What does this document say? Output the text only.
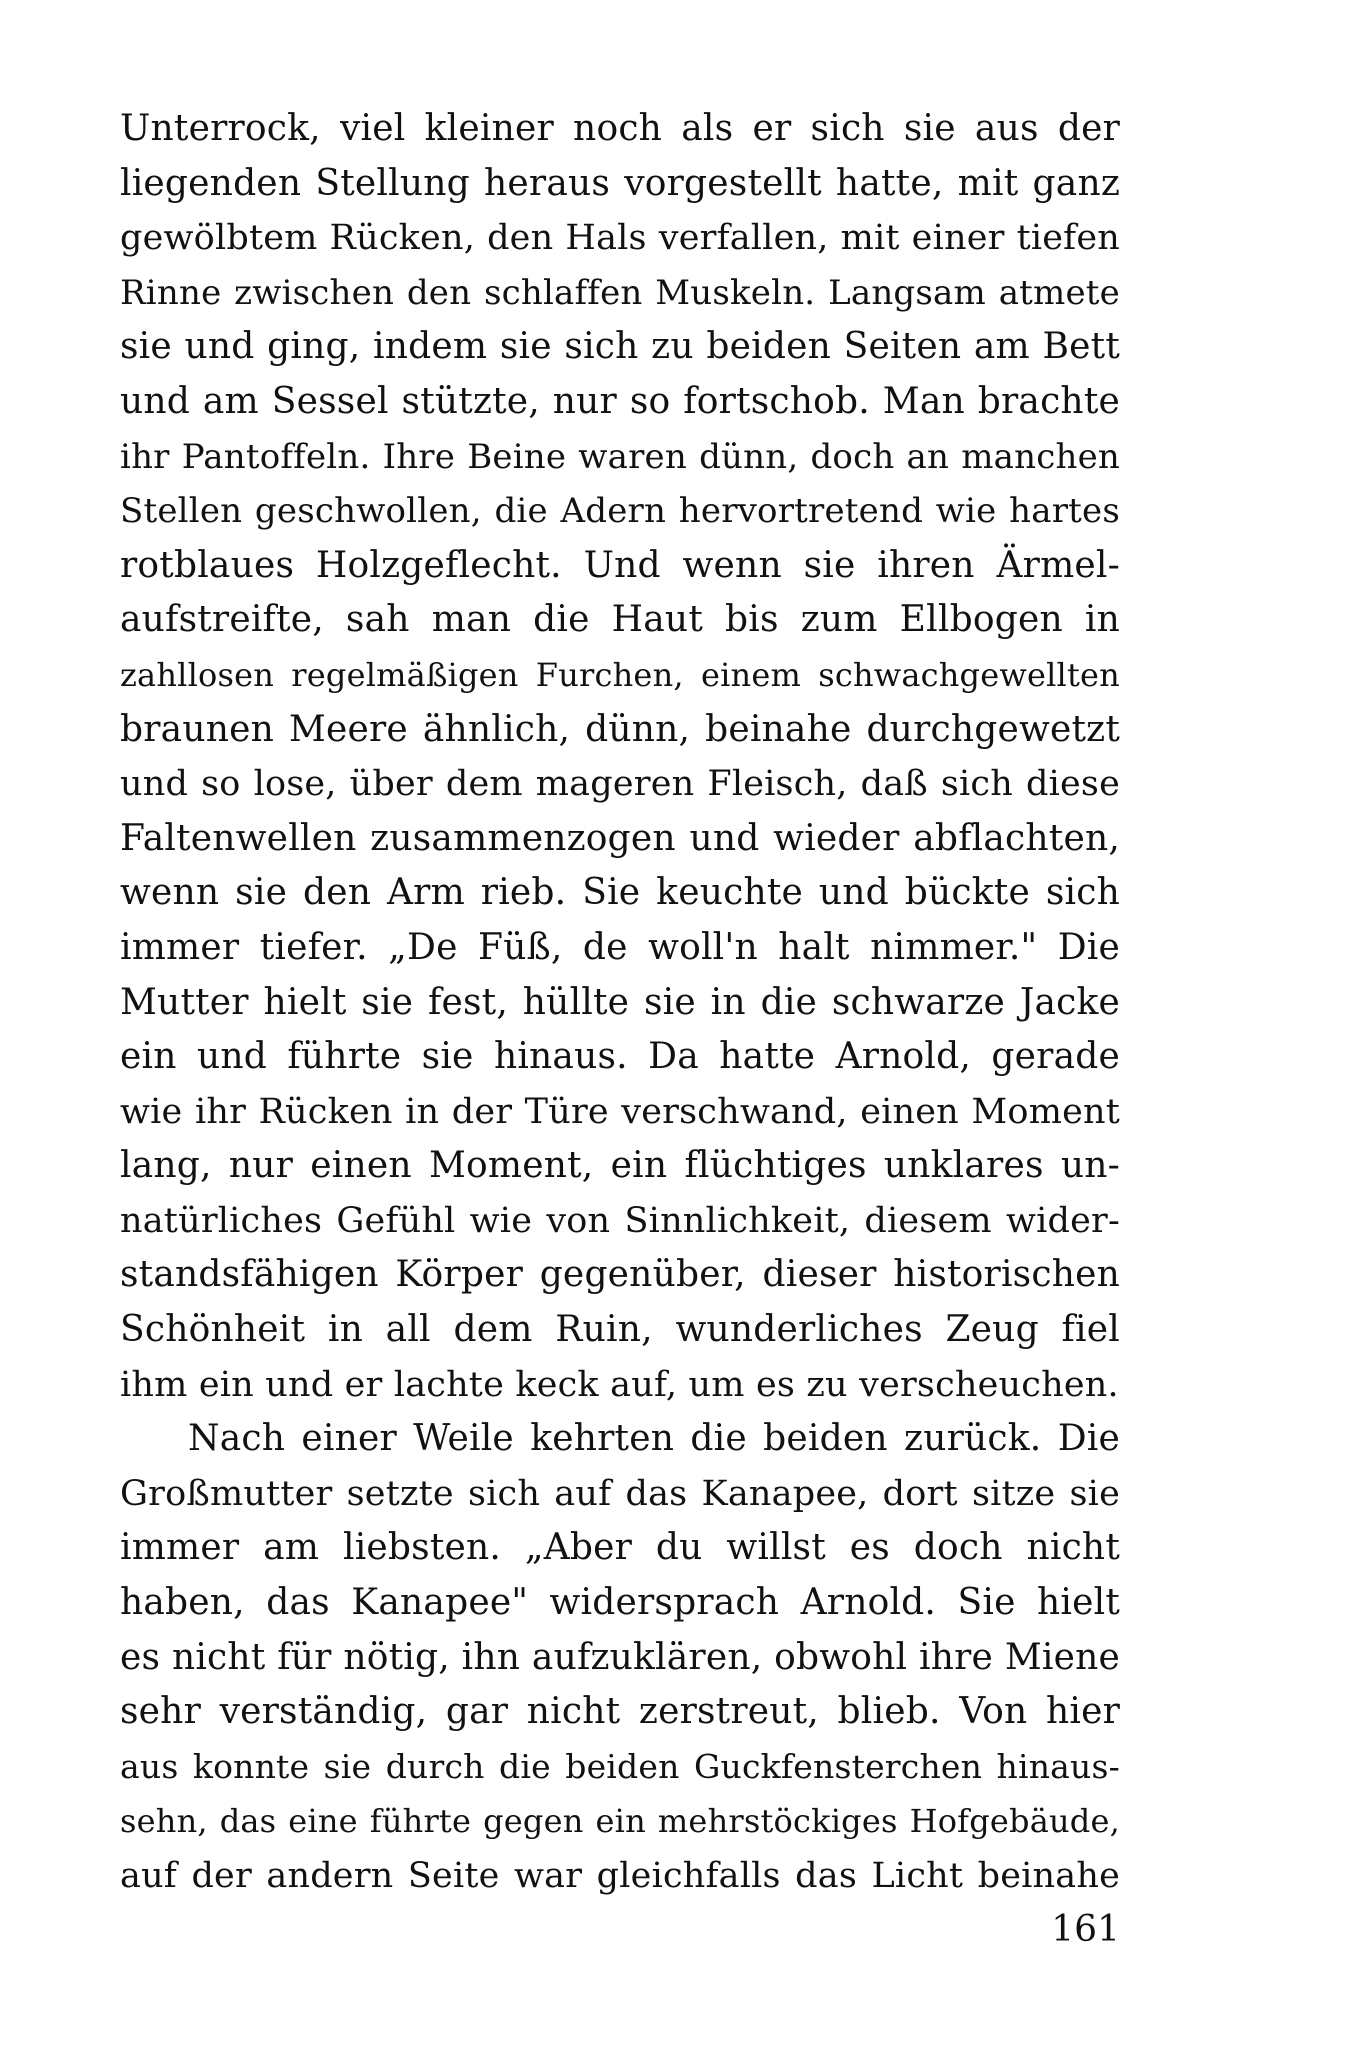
Unterrock, viel kleiner noch als er sich sie aus der
liegenden Stellung heraus vorgestellt hatte, mit ganz
gewölbtem Rücken, den Hals verfallen, mit einer tiefen
Rinne zwischen den schlaffen Muskeln. Langsam atmete
sie und ging, indem sie sich zu beiden Seiten am Bett
und am Sessel stützte, nur so fortschob. Man brachte
ihr Pantoffeln. Ihre Beine waren dünn, doch an manchen
Stellen geschwollen, die Adern hervortretend wie hartes
rotblaues Holzgeflecht. Und wenn sie ihren Ärmel-
aufstreifte, sah man die Haut bis zum Ellbogen in
zahllosen regelmäßigen Furchen, einem schwachgewellten
braunen Meere ähnlich, dünn, beinahe durchgewetzt
und so lose, über dem mageren Fleisch, daß sich diese
Faltenwellen zusammenzogen und wieder abflachten,
wenn sie den Arm rieb. Sie keuchte und bückte sich
immer tiefer. „De Füß, de woll'n halt nimmer." Die
Mutter hielt sie fest, hüllte sie in die schwarze Jacke
ein und führte sie hinaus. Da hatte Arnold, gerade
wie ihr Rücken in der Türe verschwand, einen Moment
lang, nur einen Moment, ein flüchtiges unklares un-
natürliches Gefühl wie von Sinnlichkeit, diesem wider-
standsfähigen Körper gegenüber, dieser historischen
Schönheit in all dem Ruin, wunderliches Zeug fiel
ihm ein und er lachte keck auf, um es zu verscheuchen.
Nach einer Weile kehrten die beiden zurück. Die
Großmutter setzte sich auf das Kanapee, dort sitze sie
immer am liebsten. „Aber du willst es doch nicht
haben, das Kanapee" widersprach Arnold. Sie hielt
es nicht für nötig, ihn aufzuklären, obwohl ihre Miene
sehr verständig, gar nicht zerstreut, blieb. Von hier
aus konnte sie durch die beiden Guckfensterchen hinaus-
sehn, das eine führte gegen ein mehrstöckiges Hofgebäude,
auf der andern Seite war gleichfalls das Licht beinahe
161
